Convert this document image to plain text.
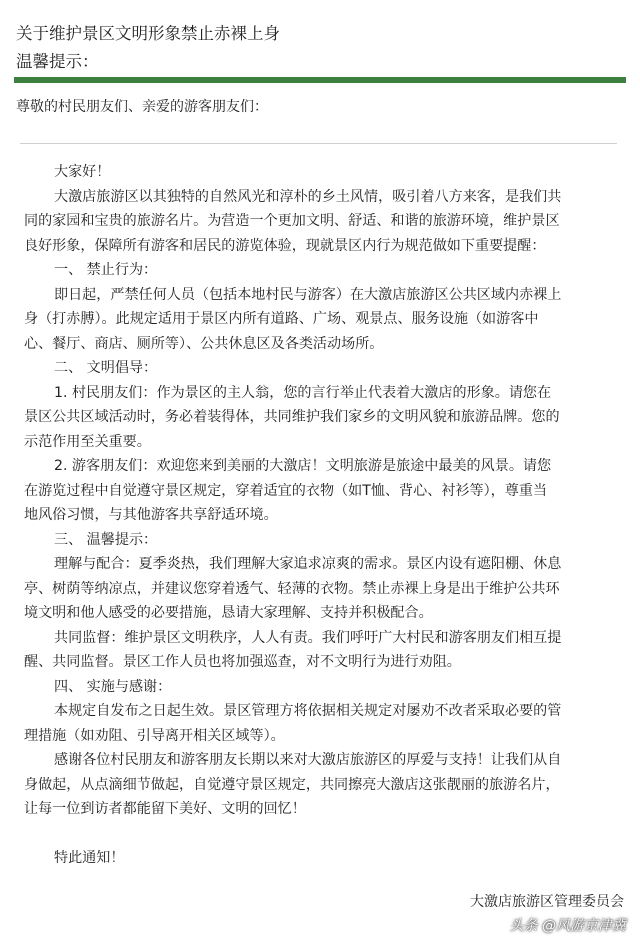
关于维护景区文明形象禁止赤裸上身
温馨提示：
尊敬的村民朋友们、亲爱的游客朋友们：

大家好！

大激店旅游区以其独特的自然风光和淳朴的乡土风情，吸引着八方来客，是我们共

同的家园和宝贵的旅游名片。为营造一个更加文明、舒适、和谐的旅游环境，维护景区

良好形象，保障所有游客和居民的游览体验，现就景区内行为规范做如下重要提醒：

一、 禁止行为：

即日起，严禁任何人员（包括本地村民与游客）在大激店旅游区公共区域内赤裸上

身（打赤膊）。此规定适用于景区内所有道路、广场、观景点、服务设施（如游客中

心、餐厅、商店、厕所等）、公共休息区及各类活动场所。

二、 文明倡导：

1. 村民朋友们：作为景区的主人翁，您的言行举止代表着大激店的形象。请您在

景区公共区域活动时，务必着装得体，共同维护我们家乡的文明风貌和旅游品牌。您的

示范作用至关重要。

2. 游客朋友们：欢迎您来到美丽的大激店！文明旅游是旅途中最美的风景。请您

在游览过程中自觉遵守景区规定，穿着适宜的衣物（如T恤、背心、衬衫等），尊重当

地风俗习惯，与其他游客共享舒适环境。

三、 温馨提示：

理解与配合：夏季炎热，我们理解大家追求凉爽的需求。景区内设有遮阳棚、休息

亭、树荫等纳凉点，并建议您穿着透气、轻薄的衣物。禁止赤裸上身是出于维护公共环

境文明和他人感受的必要措施，恳请大家理解、支持并积极配合。

共同监督：维护景区文明秩序，人人有责。我们呼吁广大村民和游客朋友们相互提

醒、共同监督。景区工作人员也将加强巡查，对不文明行为进行劝阻。

四、 实施与感谢：

本规定自发布之日起生效。景区管理方将依据相关规定对屡劝不改者采取必要的管

理措施（如劝阻、引导离开相关区域等）。

感谢各位村民朋友和游客朋友长期以来对大激店旅游区的厚爱与支持！让我们从自

身做起，从点滴细节做起，自觉遵守景区规定，共同擦亮大激店这张靓丽的旅游名片，

让每一位到访者都能留下美好、文明的回忆！

特此通知！

大激店旅游区管理委员会
头条 @风游京津冀
